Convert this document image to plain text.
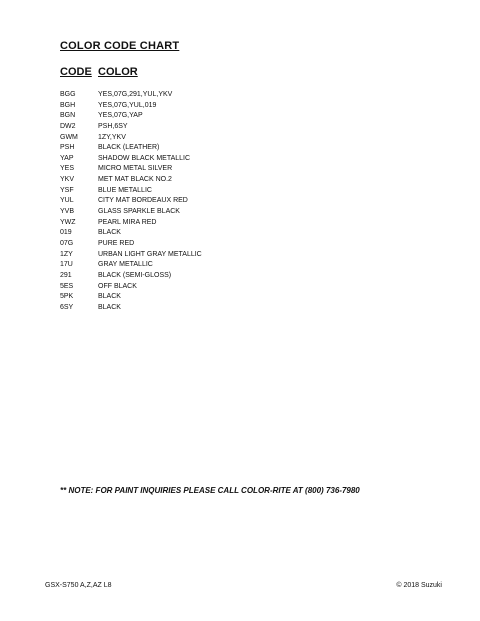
COLOR CODE CHART
CODE COLOR
BGG	YES,07G,291,YUL,YKV
BGH	YES,07G,YUL,019
BGN	YES,07G,YAP
DW2	PSH,6SY
GWM	1ZY,YKV
PSH	BLACK (LEATHER)
YAP	SHADOW BLACK METALLIC
YES	MICRO METAL SILVER
YKV	MET MAT BLACK NO.2
YSF	BLUE METALLIC
YUL	CITY MAT BORDEAUX RED
YVB	GLASS SPARKLE BLACK
YWZ	PEARL MIRA RED
019	BLACK
07G	PURE RED
1ZY	URBAN LIGHT GRAY METALLIC
17U	GRAY METALLIC
291	BLACK (SEMI-GLOSS)
5ES	OFF BLACK
5PK	BLACK
6SY	BLACK
** NOTE: FOR PAINT INQUIRIES PLEASE CALL COLOR-RITE AT (800) 736-7980
GSX-S750 A,Z,AZ L8	© 2018 Suzuki
